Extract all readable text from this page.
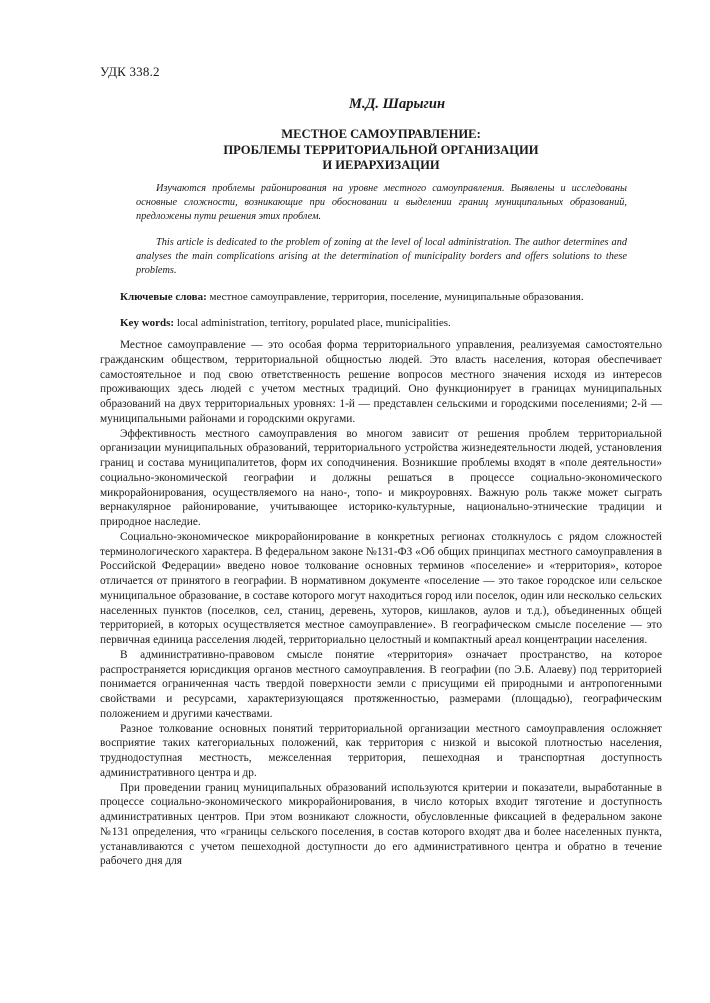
УДК 338.2
М.Д. Шарыгин
МЕСТНОЕ САМОУПРАВЛЕНИЕ:
ПРОБЛЕМЫ ТЕРРИТОРИАЛЬНОЙ ОРГАНИЗАЦИИ
И ИЕРАРХИЗАЦИИ
Изучаются проблемы районирования на уровне местного самоуправления. Выявлены и исследованы основные сложности, возникающие при обосновании и выделении границ муниципальных образований, предложены пути решения этих проблем.
This article is dedicated to the problem of zoning at the level of local administration. The author determines and analyses the main complications arising at the determination of municipality borders and offers solutions to these problems.
Ключевые слова: местное самоуправление, территория, поселение, муниципальные образования.
Key words: local administration, territory, populated place, municipalities.

Местное самоуправление — это особая форма территориального управления, реализуемая самостоятельно гражданским обществом, территориальной общностью людей. Это власть населения, которая обеспечивает самостоятельное и под свою ответственность решение вопросов местного значения исходя из интересов проживающих здесь людей с учетом местных традиций. Оно функционирует в границах муниципальных образований на двух территориальных уровнях: 1-й — представлен сельскими и городскими поселениями; 2-й — муниципальными районами и городскими округами.

Эффективность местного самоуправления во многом зависит от решения проблем территориальной организации муниципальных образований, территориального устройства жизнедеятельности людей, установления границ и состава муниципалитетов, форм их соподчинения. Возникшие проблемы входят в «поле деятельности» социально-экономической географии и должны решаться в процессе социально-экономического микрорайонирования, осуществляемого на нано-, топо- и микроуровнях. Важную роль также может сыграть вернакулярное районирование, учитывающее историко-культурные, национально-этнические традиции и природное наследие.

Социально-экономическое микрорайонирование в конкретных регионах столкнулось с рядом сложностей терминологического характера. В федеральном законе №131-ФЗ «Об общих принципах местного самоуправления в Российской Федерации» введено новое толкование основных терминов «поселение» и «территория», которое отличается от принятого в географии. В нормативном документе «поселение — это такое городское или сельское муниципальное образование, в составе которого могут находиться город или поселок, один или несколько сельских населенных пунктов (поселков, сел, станиц, деревень, хуторов, кишлаков, аулов и т.д.), объединенных общей территорией, в которых осуществляется местное самоуправление». В географическом смысле поселение — это первичная единица расселения людей, территориально целостный и компактный ареал концентрации населения.

В административно-правовом смысле понятие «территория» означает пространство, на которое распространяется юрисдикция органов местного самоуправления. В географии (по Э.Б. Алаеву) под территорией понимается ограниченная часть твердой поверхности земли с присущими ей природными и антропогенными свойствами и ресурсами, характеризующаяся протяженностью, размерами (площадью), географическим положением и другими качествами.

Разное толкование основных понятий территориальной организации местного самоуправления осложняет восприятие таких категориальных положений, как территория с низкой и высокой плотностью населения, труднодоступная местность, межселенная территория, пешеходная и транспортная доступность административного центра и др.

При проведении границ муниципальных образований используются критерии и показатели, выработанные в процессе социально-экономического микрорайонирования, в число которых входит тяготение и доступность административных центров. При этом возникают сложности, обусловленные фиксацией в федеральном законе №131 определения, что «границы сельского поселения, в состав которого входят два и более населенных пункта, устанавливаются с учетом пешеходной доступности до его административного центра и обратно в течение рабочего дня для
